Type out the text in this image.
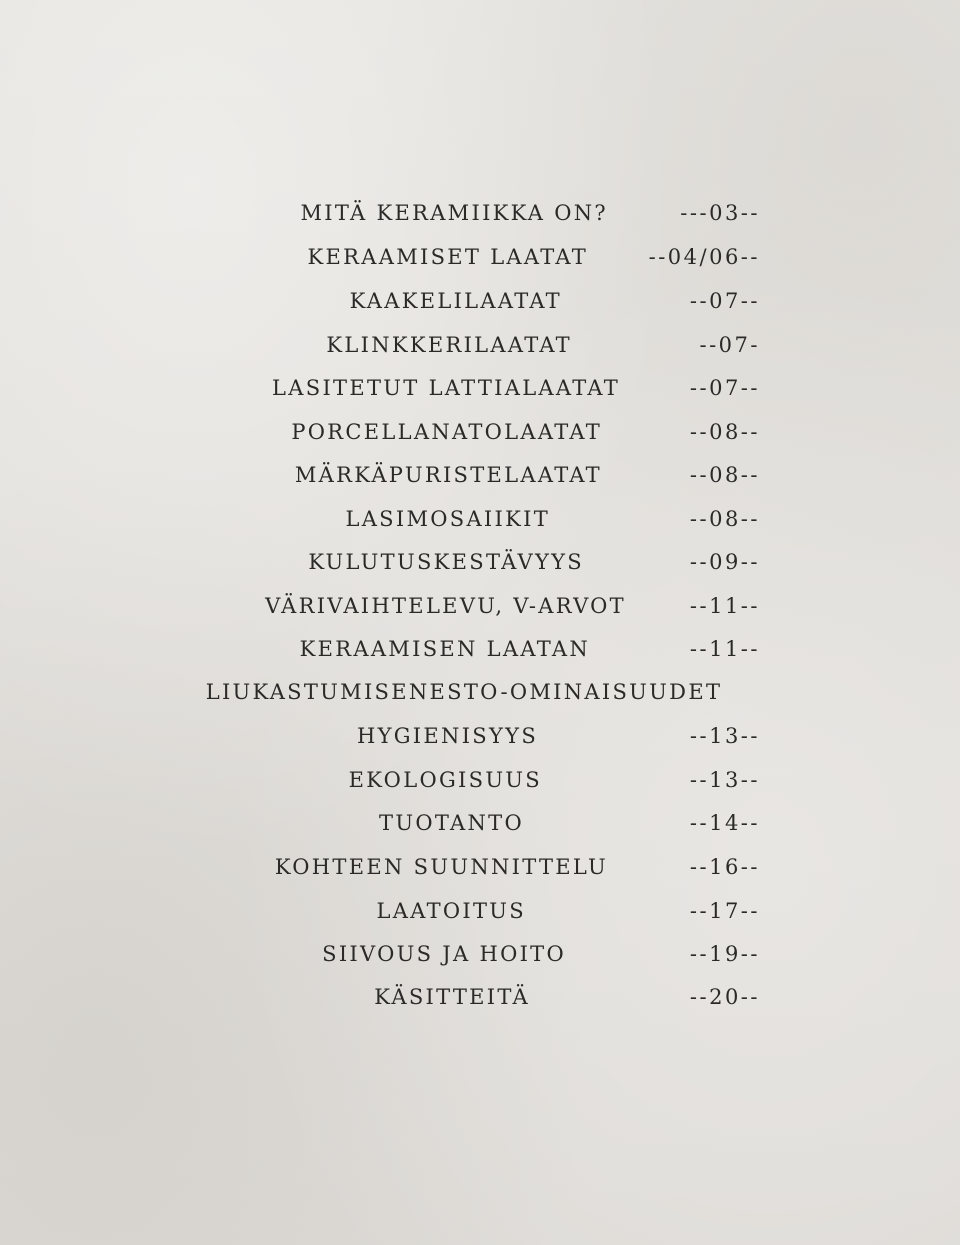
MITÄ KERAMIIKKA ON?	---03--
KERAAMISET LAATAT	--04/06--
KAAKELILAATAT	--07--
KLINKKERILAATAT	--07-
LASITETUT LATTIALAATAT	--07--
PORCELLANATOLAATAT	--08--
MÄRKÄPURISTELAATAT	--08--
LASIMOSAIIKIT	--08--
KULUTUSKESTÄVYYS	--09--
VÄRIVAIHTELEVU, V-ARVOT	--11--
KERAAMISEN LAATAN	--11--
LIUKASTUMISENESTO-OMINAISUUDET
HYGIENISYYS	--13--
EKOLOGISUUS	--13--
TUOTANTO	--14--
KOHTEEN SUUNNITTELU	--16--
LAATOITUS	--17--
SIIVOUS JA HOITO	--19--
KÄSITTEITÄ	--20--
